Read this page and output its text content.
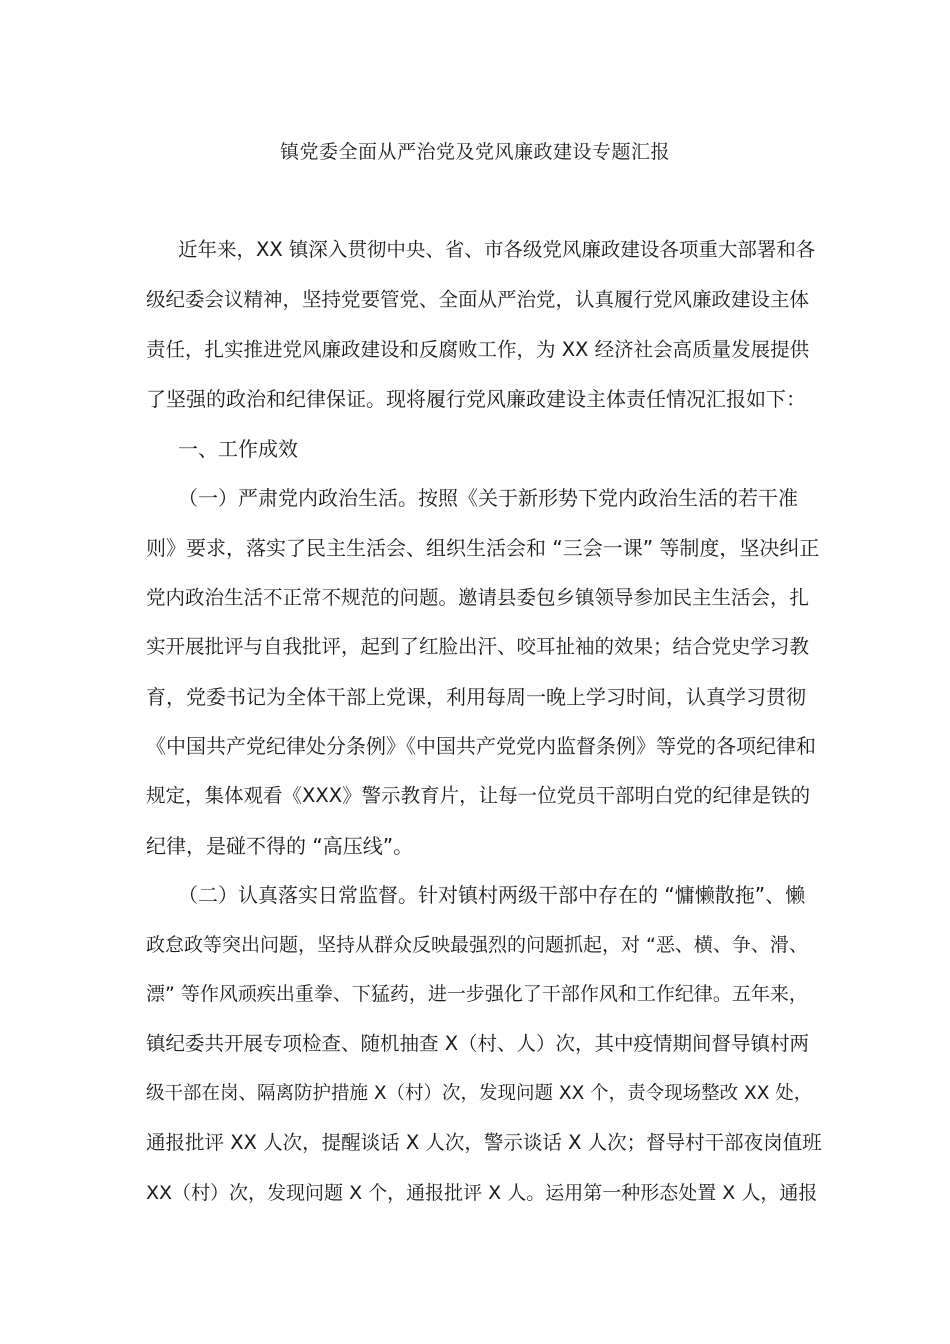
镇党委全面从严治党及党风廉政建设专题汇报
近年来，XX 镇深入贯彻中央、省、市各级党风廉政建设各项重大部署和各
级纪委会议精神，坚持党要管党、全面从严治党，认真履行党风廉政建设主体
责任，扎实推进党风廉政建设和反腐败工作，为 XX 经济社会高质量发展提供
了坚强的政治和纪律保证。现将履行党风廉政建设主体责任情况汇报如下：
一、工作成效
（一）严肃党内政治生活。按照《关于新形势下党内政治生活的若干准
则》要求，落实了民主生活会、组织生活会和 “三会一课” 等制度，坚决纠正
党内政治生活不正常不规范的问题。邀请县委包乡镇领导参加民主生活会，扎
实开展批评与自我批评，起到了红脸出汗、咬耳扯袖的效果；结合党史学习教
育，党委书记为全体干部上党课，利用每周一晚上学习时间，认真学习贯彻
《中国共产党纪律处分条例》《中国共产党党内监督条例》等党的各项纪律和
规定，集体观看《XXX》警示教育片，让每一位党员干部明白党的纪律是铁的
纪律，是碰不得的 “高压线”。
（二）认真落实日常监督。针对镇村两级干部中存在的 “慵懒散拖”、懒
政怠政等突出问题，坚持从群众反映最强烈的问题抓起，对 “恶、横、争、滑、
漂” 等作风顽疾出重拳、下猛药，进一步强化了干部作风和工作纪律。五年来，
镇纪委共开展专项检查、随机抽查 X（村、人）次，其中疫情期间督导镇村两
级干部在岗、隔离防护措施 X（村）次，发现问题 XX 个，责令现场整改 XX 处，
通报批评 XX 人次，提醒谈话 X 人次，警示谈话 X 人次；督导村干部夜岗值班
XX（村）次，发现问题 X 个，通报批评 X 人。运用第一种形态处置 X 人，通报
